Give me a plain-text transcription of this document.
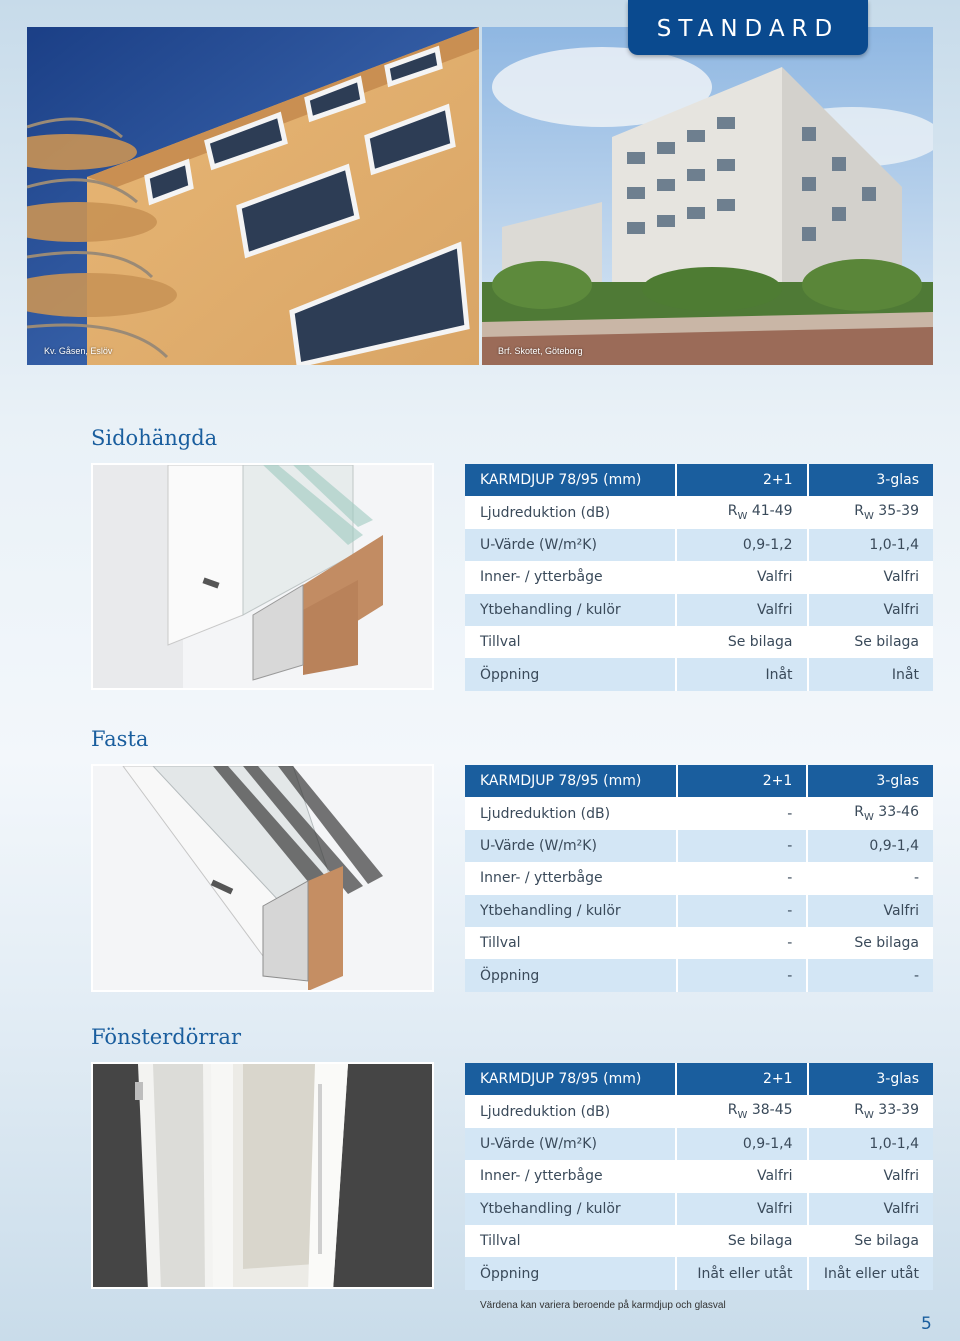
Kv. Gåsen, Eslöv	Brf. Skotet, Göteborg
STANDARD
Sidohängda
KARMDJUP 78/95 (mm)	2+1	3-glas
Ljudreduktion (dB)	$R_W$ 41-49	$R_W$ 35-39
U-Värde (W/m²K)	0,9-1,2	1,0-1,4
Inner- / ytterbåge	Valfri	Valfri
Ytbehandling / kulör	Valfri	Valfri
Tillval	Se bilaga	Se bilaga
Öppning	Inåt	Inåt
Fasta
KARMDJUP 78/95 (mm)	2+1	3-glas
Ljudreduktion (dB)	-	$R_W$ 33-46
U-Värde (W/m²K)	-	0,9-1,4
Inner- / ytterbåge	-	-
Ytbehandling / kulör	-	Valfri
Tillval	-	Se bilaga
Öppning	-	-
Fönsterdörrar
KARMDJUP 78/95 (mm)	2+1	3-glas
Ljudreduktion (dB)	$R_W$ 38-45	$R_W$ 33-39
U-Värde (W/m²K)	0,9-1,4	1,0-1,4
Inner- / ytterbåge	Valfri	Valfri
Ytbehandling / kulör	Valfri	Valfri
Tillval	Se bilaga	Se bilaga
Öppning	Inåt eller utåt	Inåt eller utåt
Värdena kan variera beroende på karmdjup och glasval
5
